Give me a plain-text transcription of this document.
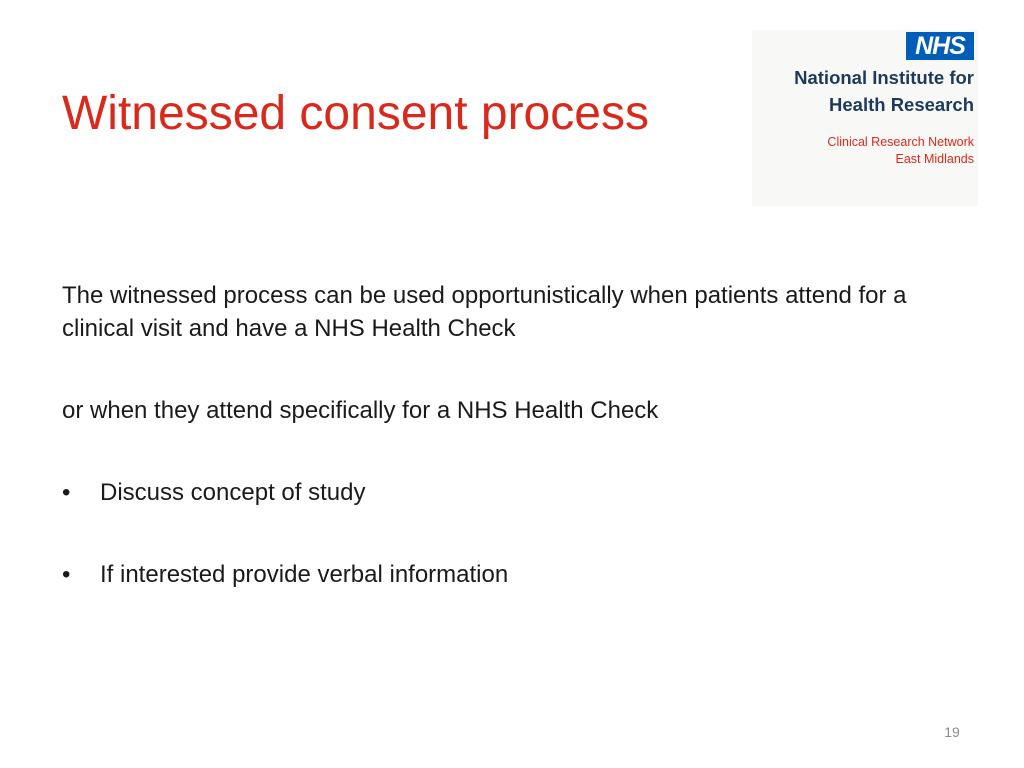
Witnessed consent process
NHS
National Institute for
Health Research
Clinical Research Network
East Midlands
The witnessed process can be used opportunistically when patients attend for a clinical visit and have a NHS Health Check
or when they attend specifically for a NHS Health Check
• Discuss concept of study
• If interested provide verbal information
19
